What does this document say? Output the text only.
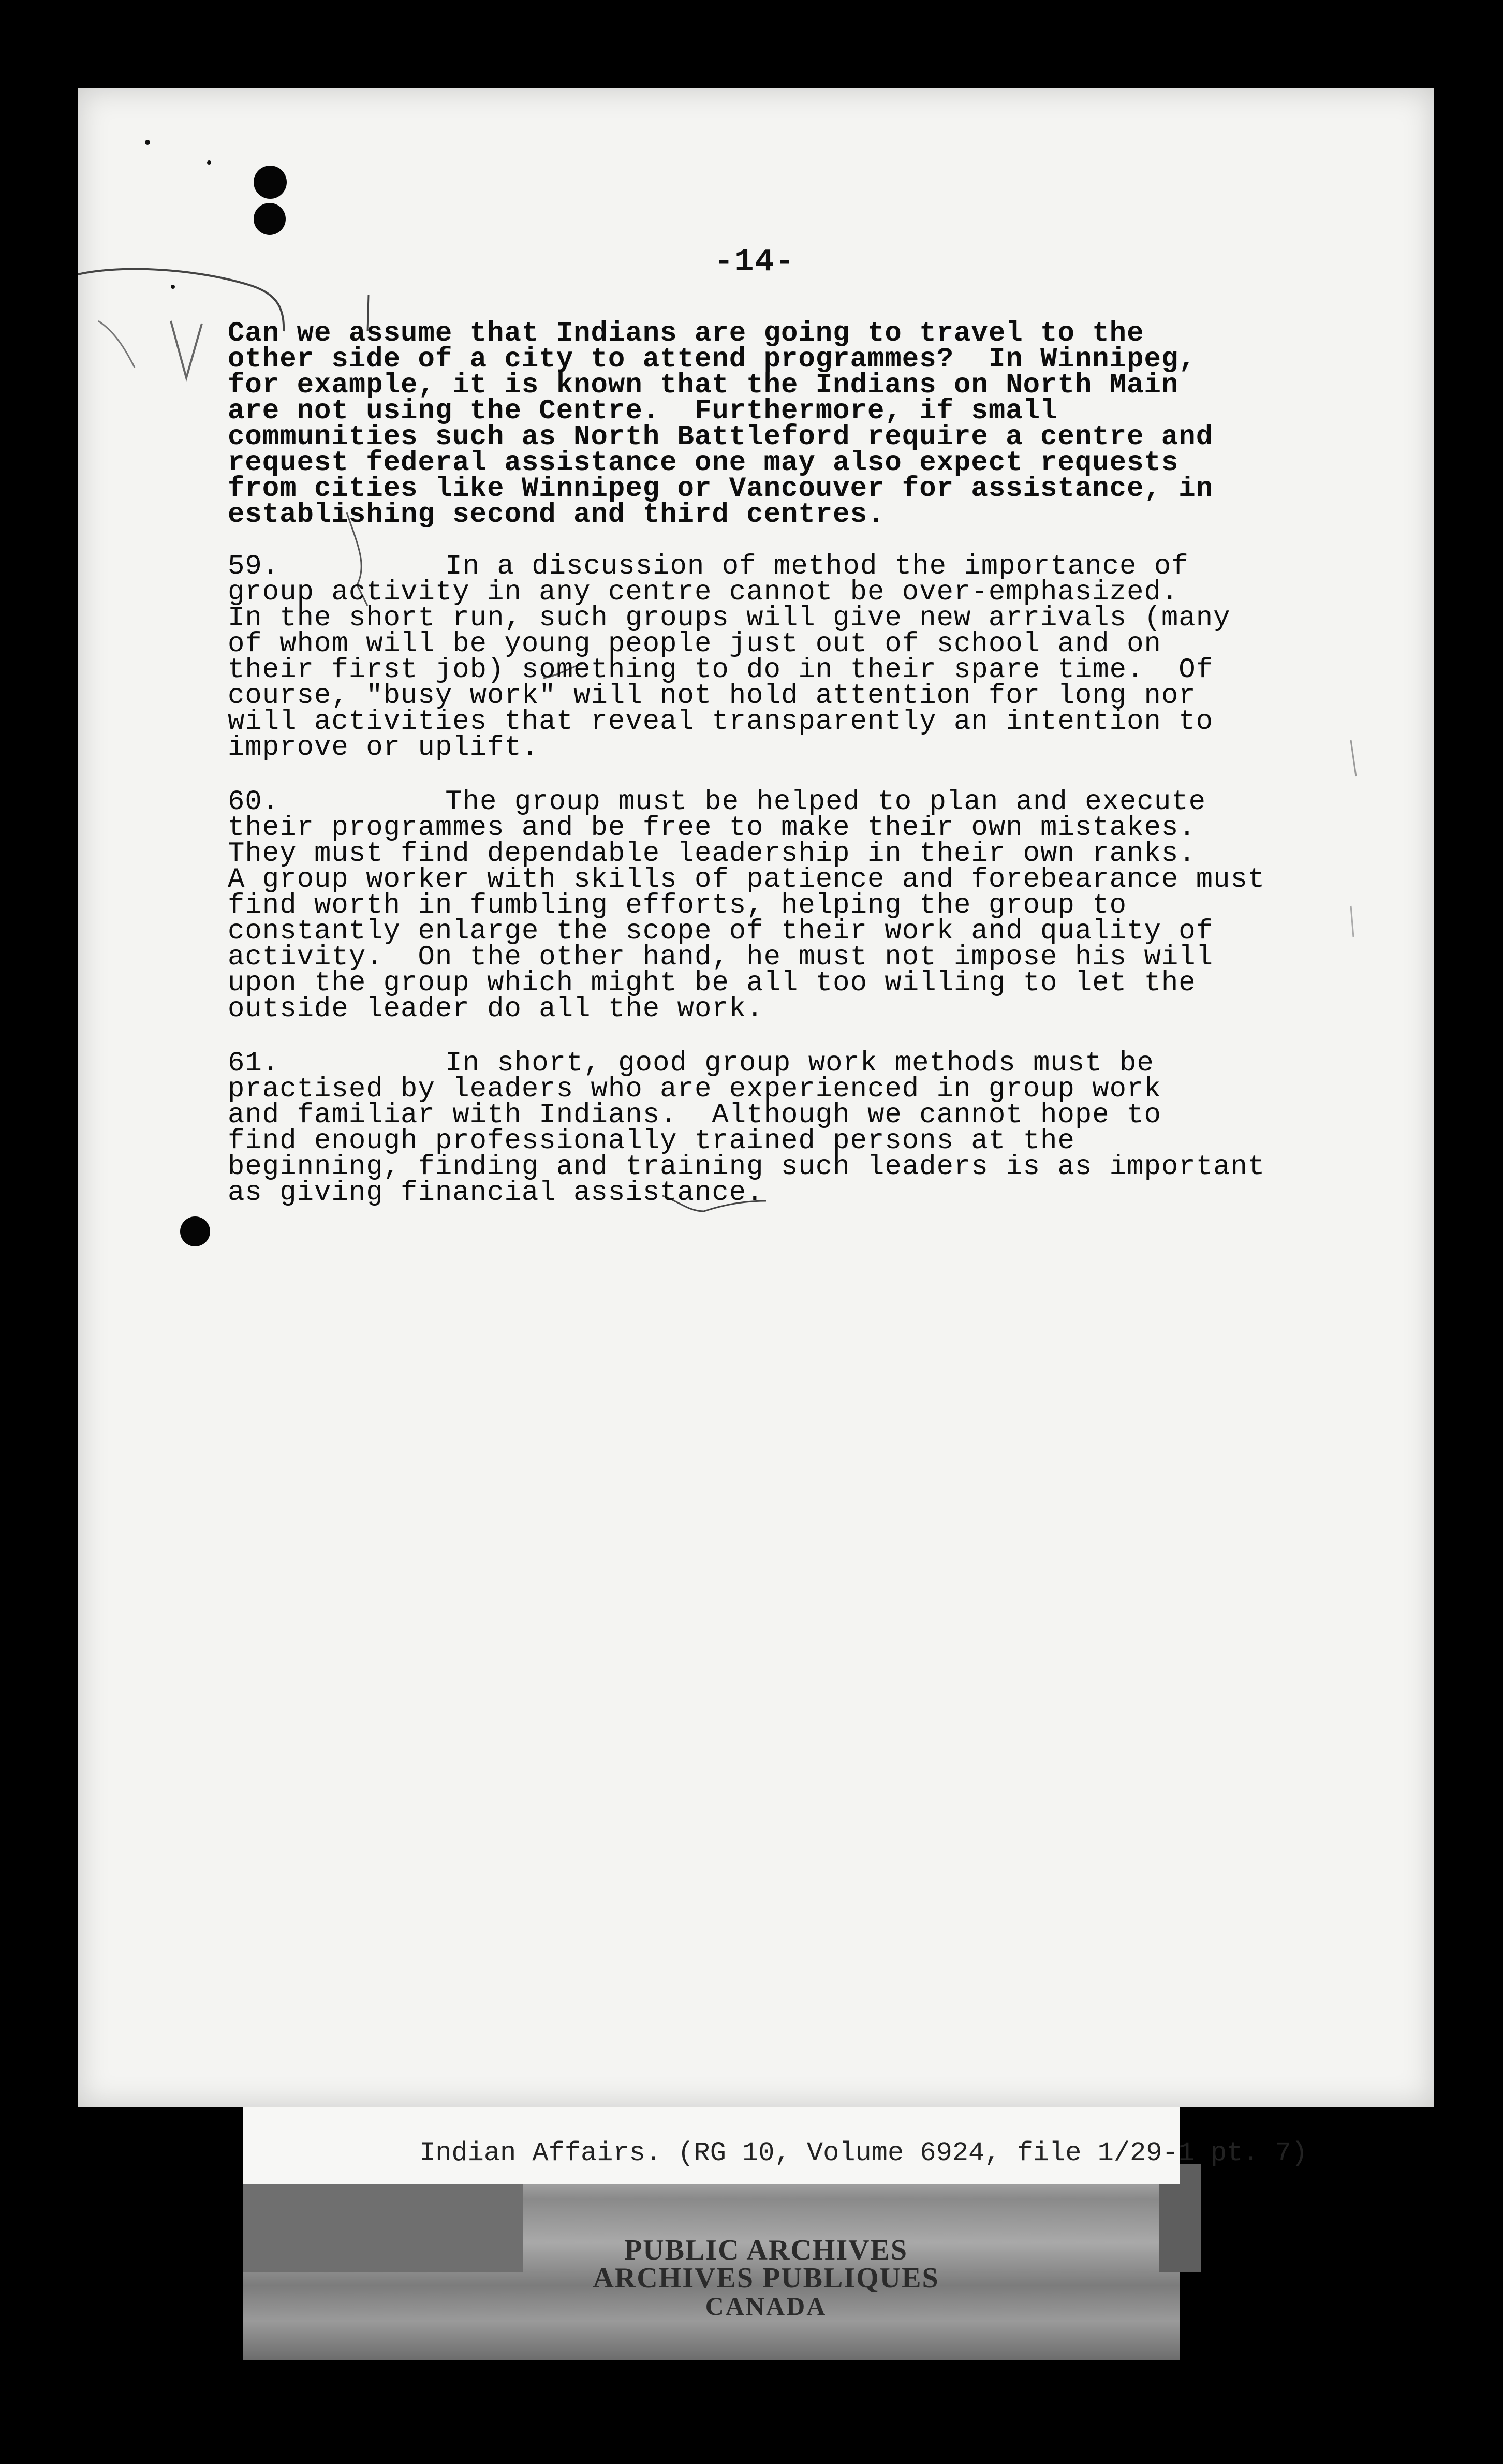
-14-
Can we assume that Indians are going to travel to the
other side of a city to attend programmes?  In Winnipeg,
for example, it is known that the Indians on North Main
are not using the Centre.  Furthermore, if small
communities such as North Battleford require a centre and
request federal assistance one may also expect requests
from cities like Winnipeg or Vancouver for assistance, in
establishing second and third centres.
59.	In a discussion of method the importance of
group activity in any centre cannot be over-emphasized.
In the short run, such groups will give new arrivals (many
of whom will be young people just out of school and on
their first job) something to do in their spare time.  Of
course, "busy work" will not hold attention for long nor
will activities that reveal transparently an intention to
improve or uplift.
60.	The group must be helped to plan and execute
their programmes and be free to make their own mistakes.
They must find dependable leadership in their own ranks.
A group worker with skills of patience and forebearance must
find worth in fumbling efforts, helping the group to
constantly enlarge the scope of their work and quality of
activity.  On the other hand, he must not impose his will
upon the group which might be all too willing to let the
outside leader do all the work.
61.	In short, good group work methods must be
practised by leaders who are experienced in group work
and familiar with Indians.  Although we cannot hope to
find enough professionally trained persons at the
beginning, finding and training such leaders is as important
as giving financial assistance.
Indian Affairs. (RG 10, Volume 6924, file 1/29-1 pt. 7)
PUBLIC ARCHIVES
ARCHIVES PUBLIQUES
CANADA
